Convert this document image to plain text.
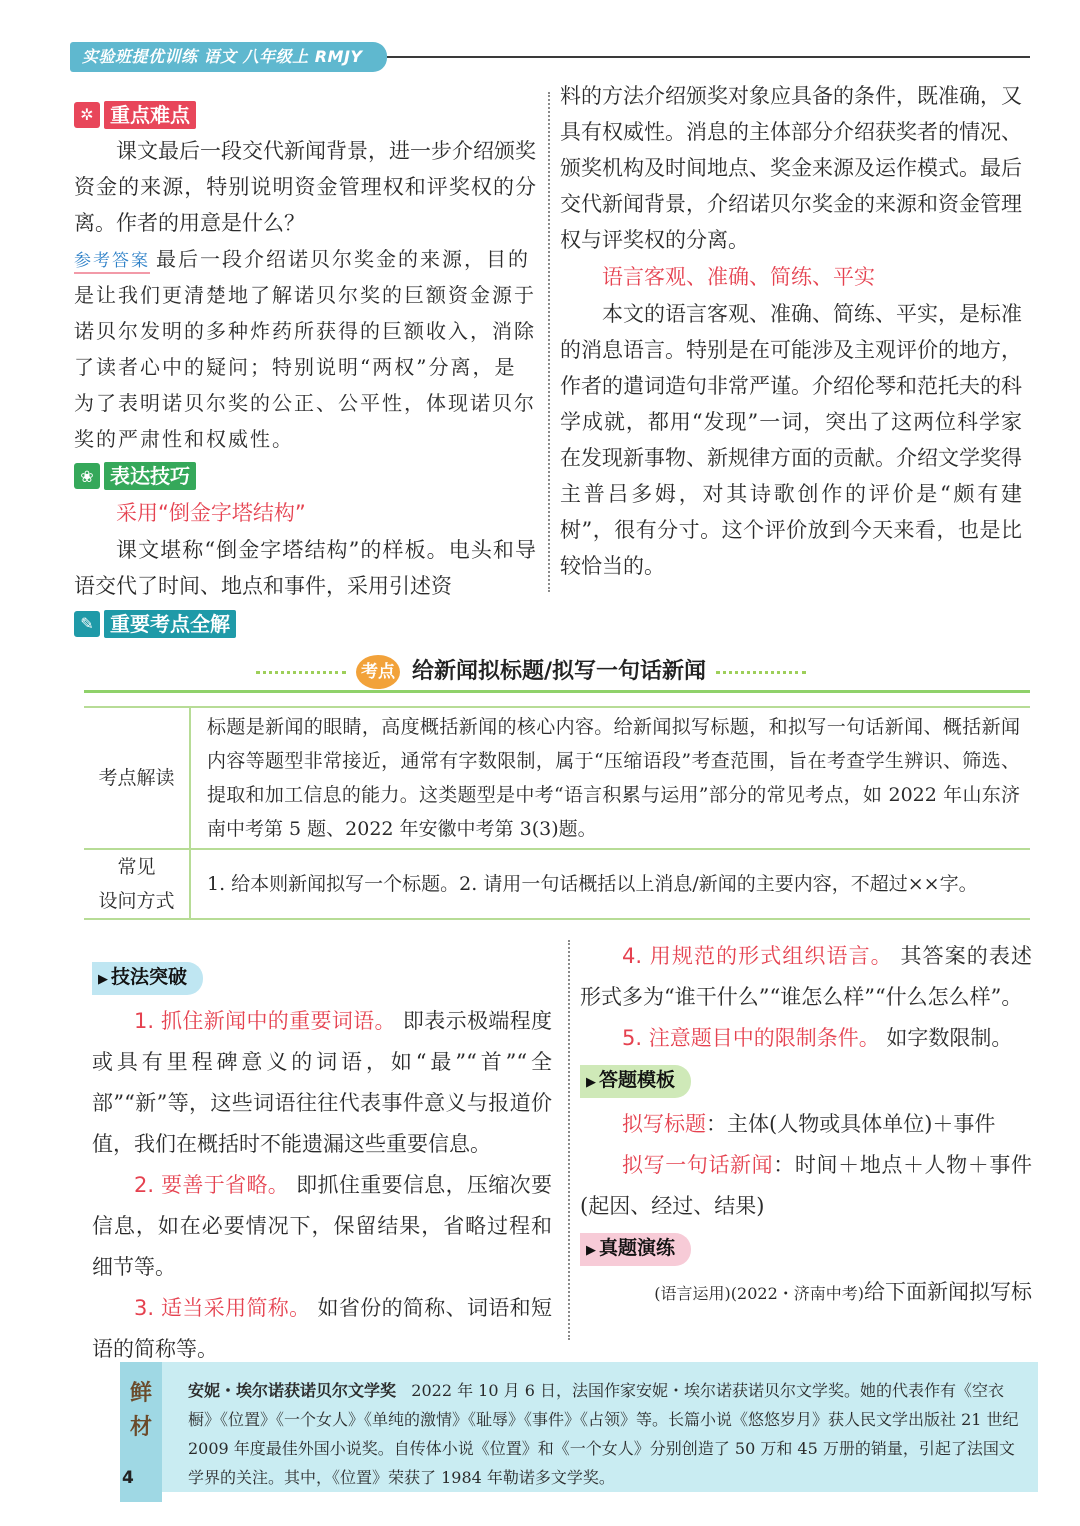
实验班提优训练 语文 八年级上 RMJY
✲ 重点难点
课文最后一段交代新闻背景，进一步介绍颁奖资金的来源，特别说明资金管理权和评奖权的分离。作者的用意是什么？
参考答案 最后一段介绍诺贝尔奖金的来源，目的是让我们更清楚地了解诺贝尔奖的巨额资金源于诺贝尔发明的多种炸药所获得的巨额收入，消除了读者心中的疑问；特别说明“两权”分离，是为了表明诺贝尔奖的公正、公平性，体现诺贝尔奖的严肃性和权威性。
❀ 表达技巧
采用“倒金字塔结构”
课文堪称“倒金字塔结构”的样板。电头和导语交代了时间、地点和事件，采用引述资
✎ 重要考点全解
料的方法介绍颁奖对象应具备的条件，既准确，又具有权威性。消息的主体部分介绍获奖者的情况、颁奖机构及时间地点、奖金来源及运作模式。最后交代新闻背景，介绍诺贝尔奖金的来源和资金管理权与评奖权的分离。
语言客观、准确、简练、平实
本文的语言客观、准确、简练、平实，是标准的消息语言。特别是在可能涉及主观评价的地方，作者的遣词造句非常严谨。介绍伦琴和范托夫的科学成就，都用“发现”一词，突出了这两位科学家在发现新事物、新规律方面的贡献。介绍文学奖得主普吕多姆，对其诗歌创作的评价是“颇有建树”，很有分寸。这个评价放到今天来看，也是比较恰当的。
考点 给新闻拟标题/拟写一句话新闻
考点解读	标题是新闻的眼睛，高度概括新闻的核心内容。给新闻拟写标题，和拟写一句话新闻、概括新闻内容等题型非常接近，通常有字数限制，属于“压缩语段”考查范围，旨在考查学生辨识、筛选、提取和加工信息的能力。这类题型是中考“语言积累与运用”部分的常见考点，如 2022 年山东济南中考第 5 题、2022 年安徽中考第 3(3)题。

常见
设问方式	1. 给本则新闻拟写一个标题。2. 请用一句话概括以上消息/新闻的主要内容，不超过××字。
▶ 技法突破
1. 抓住新闻中的重要词语。 即表示极端程度或具有里程碑意义的词语，如“最”“首”“全部”“新”等，这些词语往往代表事件意义与报道价值，我们在概括时不能遗漏这些重要信息。
2. 要善于省略。 即抓住重要信息，压缩次要信息，如在必要情况下，保留结果，省略过程和细节等。
3. 适当采用简称。 如省份的简称、词语和短语的简称等。
4. 用规范的形式组织语言。 其答案的表述形式多为“谁干什么”“谁怎么样”“什么怎么样”。
5. 注意题目中的限制条件。 如字数限制。
▶ 答题模板
拟写标题：主体(人物或具体单位)＋事件
拟写一句话新闻：时间＋地点＋人物＋事件(起因、经过、结果)
▶ 真题演练
(语言运用)(2022・济南中考)给下面新闻拟写标
安妮・埃尔诺获诺贝尔文学奖 2022 年 10 月 6 日，法国作家安妮・埃尔诺获诺贝尔文学奖。她的代表作有《空衣橱》《位置》《一个女人》《单纯的激情》《耻辱》《事件》《占领》等。长篇小说《悠悠岁月》获人民文学出版社 21 世纪 2009 年度最佳外国小说奖。自传体小说《位置》和《一个女人》分别创造了 50 万和 45 万册的销量，引起了法国文学界的关注。其中，《位置》荣获了 1984 年勒诺多文学奖。
鲜
材
4
